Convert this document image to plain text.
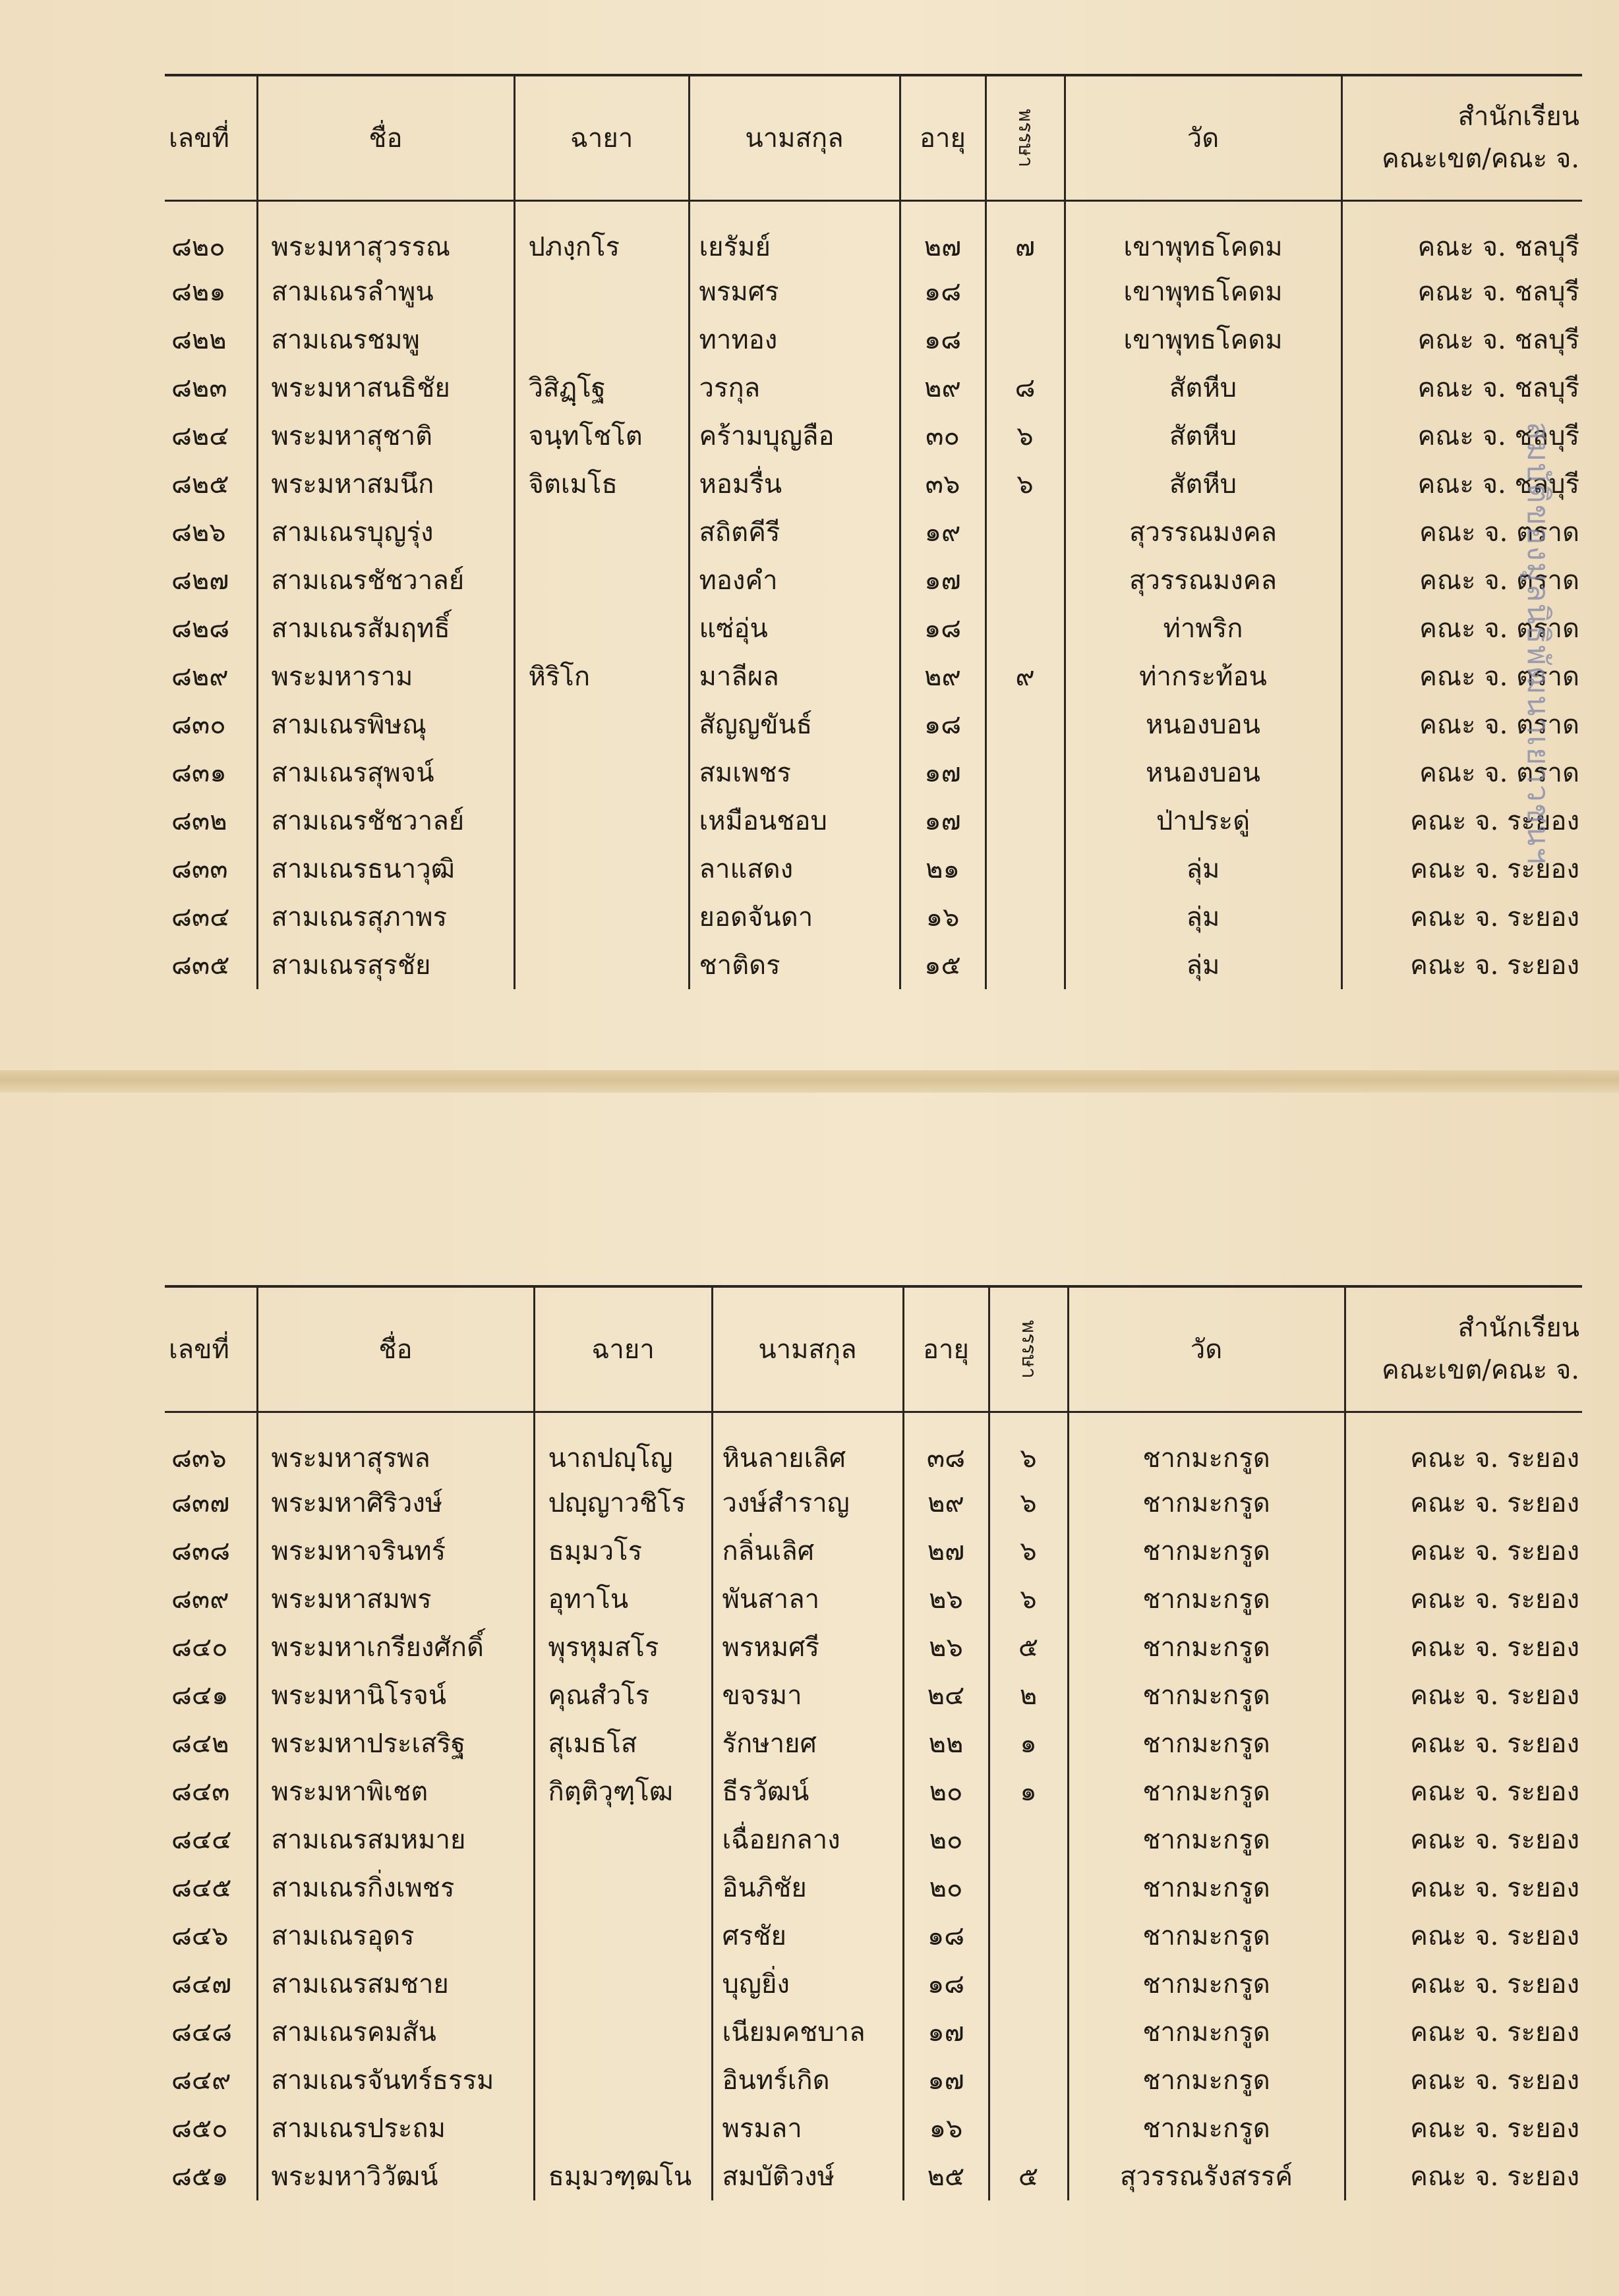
เลขที่	ชื่อ	ฉายา	นามสกุล	อายุ	พรรษา	วัด	สำนักเรียน
คณะเขต/คณะ จ.

๘๒๐	พระมหาสุวรรณ	ปภงฺกโร	เยรัมย์	๒๗	๗	เขาพุทธโคดม	คณะ จ. ชลบุรี
๘๒๑	สามเณรลำพูน		พรมศร	๑๘		เขาพุทธโคดม	คณะ จ. ชลบุรี
๘๒๒	สามเณรชมพู		ทาทอง	๑๘		เขาพุทธโคดม	คณะ จ. ชลบุรี
๘๒๓	พระมหาสนธิชัย	วิสิฏฺโฐ	วรกุล	๒๙	๘	สัตหีบ	คณะ จ. ชลบุรี
๘๒๔	พระมหาสุชาติ	จนฺทโชโต	คร้ามบุญลือ	๓๐	๖	สัตหีบ	คณะ จ. ชลบุรี
๘๒๕	พระมหาสมนึก	จิตเมโธ	หอมรื่น	๓๖	๖	สัตหีบ	คณะ จ. ชลบุรี
๘๒๖	สามเณรบุญรุ่ง		สถิตคีรี	๑๙		สุวรรณมงคล	คณะ จ. ตราด
๘๒๗	สามเณรชัชวาลย์		ทองคำ	๑๗		สุวรรณมงคล	คณะ จ. ตราด
๘๒๘	สามเณรสัมฤทธิ์		แซ่อุ่น	๑๘		ท่าพริก	คณะ จ. ตราด
๘๒๙	พระมหาราม	หิริโก	มาลีผล	๒๙	๙	ท่ากระท้อน	คณะ จ. ตราด
๘๓๐	สามเณรพิษณุ		สัญญขันธ์	๑๘		หนองบอน	คณะ จ. ตราด
๘๓๑	สามเณรสุพจน์		สมเพชร	๑๗		หนองบอน	คณะ จ. ตราด
๘๓๒	สามเณรชัชวาลย์		เหมือนชอบ	๑๗		ป่าประดู่	คณะ จ. ระยอง
๘๓๓	สามเณรธนาวุฒิ		ลาแสดง	๒๑		ลุ่ม	คณะ จ. ระยอง
๘๓๔	สามเณรสุภาพร		ยอดจันดา	๑๖		ลุ่ม	คณะ จ. ระยอง
๘๓๕	สามเณรสุรชัย		ชาติดร	๑๕		ลุ่ม	คณะ จ. ระยอง
เลขที่	ชื่อ	ฉายา	นามสกุล	อายุ	พรรษา	วัด	สำนักเรียน
คณะเขต/คณะ จ.

๘๓๖	พระมหาสุรพล	นาถปญฺโญ	หินลายเลิศ	๓๘	๖	ชากมะกรูด	คณะ จ. ระยอง
๘๓๗	พระมหาศิริวงษ์	ปญฺญาวชิโร	วงษ์สำราญ	๒๙	๖	ชากมะกรูด	คณะ จ. ระยอง
๘๓๘	พระมหาจรินทร์	ธมฺมวโร	กลิ่นเลิศ	๒๗	๖	ชากมะกรูด	คณะ จ. ระยอง
๘๓๙	พระมหาสมพร	อุทาโน	พันสาลา	๒๖	๖	ชากมะกรูด	คณะ จ. ระยอง
๘๔๐	พระมหาเกรียงศักดิ์	พุรหุมสโร	พรหมศรี	๒๖	๕	ชากมะกรูด	คณะ จ. ระยอง
๘๔๑	พระมหานิโรจน์	คุณสํวโร	ขจรมา	๒๔	๒	ชากมะกรูด	คณะ จ. ระยอง
๘๔๒	พระมหาประเสริฐ	สุเมธโส	รักษายศ	๒๒	๑	ชากมะกรูด	คณะ จ. ระยอง
๘๔๓	พระมหาพิเชต	กิตฺติวุฑฺโฒ	ธีรวัฒน์	๒๐	๑	ชากมะกรูด	คณะ จ. ระยอง
๘๔๔	สามเณรสมหมาย		เฉื่อยกลาง	๒๐		ชากมะกรูด	คณะ จ. ระยอง
๘๔๕	สามเณรกิ่งเพชร		อินภิชัย	๒๐		ชากมะกรูด	คณะ จ. ระยอง
๘๔๖	สามเณรอุดร		ศรชัย	๑๘		ชากมะกรูด	คณะ จ. ระยอง
๘๔๗	สามเณรสมชาย		บุญยิ่ง	๑๘		ชากมะกรูด	คณะ จ. ระยอง
๘๔๘	สามเณรคมสัน		เนียมคชบาล	๑๗		ชากมะกรูด	คณะ จ. ระยอง
๘๔๙	สามเณรจันทร์ธรรม		อินทร์เกิด	๑๗		ชากมะกรูด	คณะ จ. ระยอง
๘๕๐	สามเณรประถม		พรมลา	๑๖		ชากมะกรูด	คณะ จ. ระยอง
๘๕๑	พระมหาวิวัฒน์	ธมฺมวฑฺฒโน	สมบัติวงษ์	๒๕	๕	สุวรรณรังสรรค์	คณะ จ. ระยอง
สมบัติของมูลนิธิพัฒนาเยาวชนฯ
